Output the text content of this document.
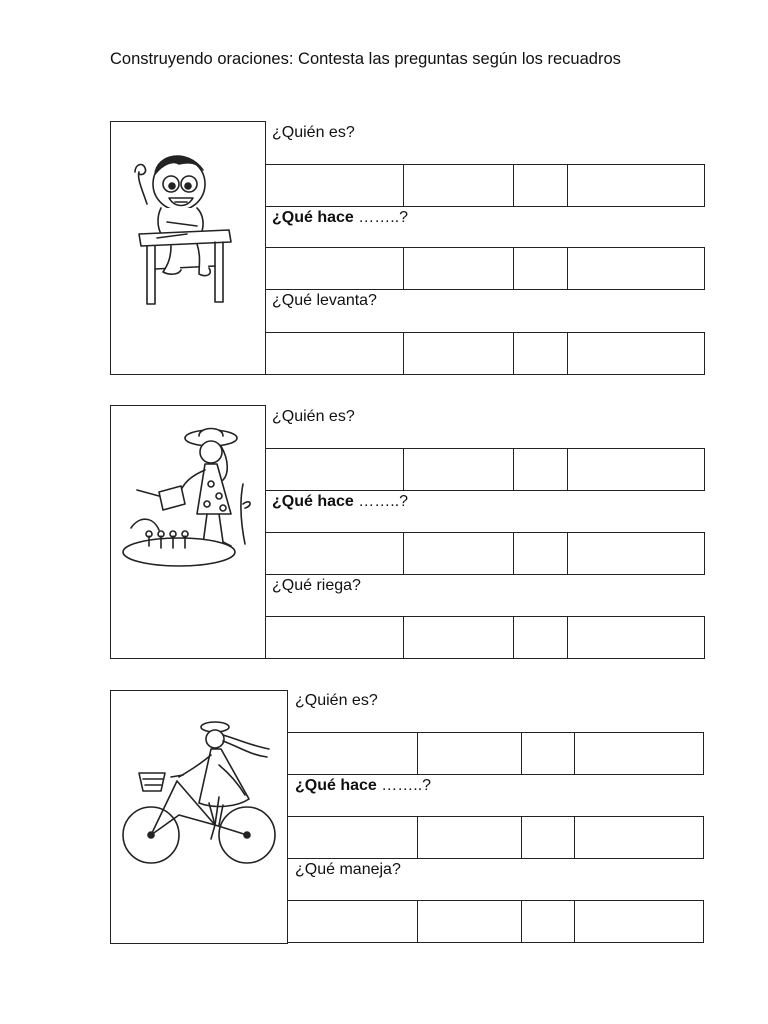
Construyendo oraciones: Contesta las preguntas según los recuadros
¿Quién es?
¿Qué hace ……..?
¿Qué levanta?
¿Quién es?
¿Qué hace ……..?
¿Qué riega?
¿Quién es?
¿Qué hace ……..?
¿Qué maneja?
